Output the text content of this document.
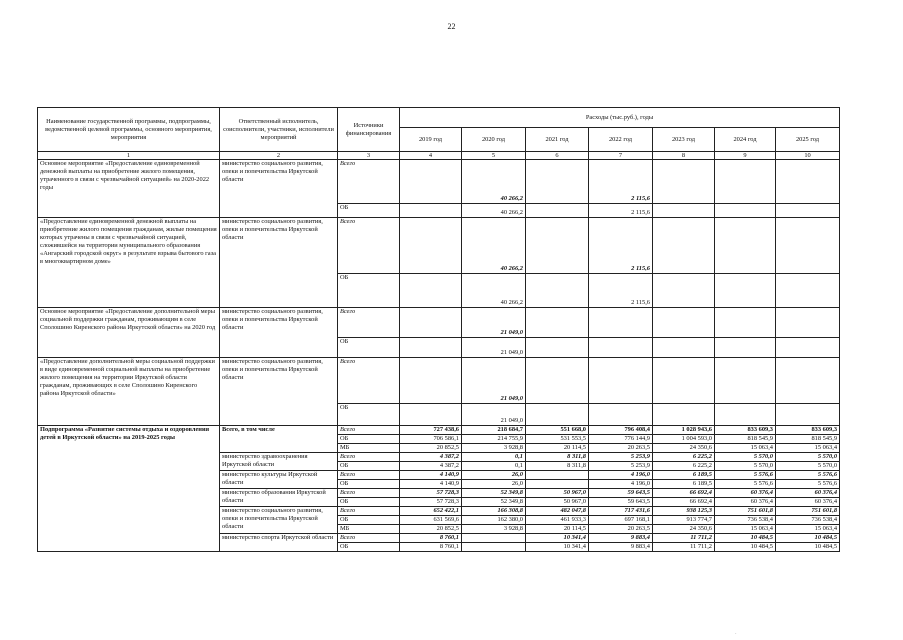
22
Наименование государственной программы, подпрограммы, ведомственной целевой программы, основного мероприятия, мероприятия	Ответственный исполнитель, соисполнители, участники, исполнители мероприятий	Источники финансирования	Расходы (тыс.руб.), годы						
			2019 год	2020 год	2021 год	2022 год	2023 год	2024 год	2025 год
1	2	3	4	5	6	7	8	9	10
Основное мероприятие «Предоставление единовременной денежной выплаты на приобретение жилого помещения, утраченного в связи с чрезвычайной ситуацией» на 2020-2022 годы	министерство социального развития, опеки и попечительства Иркутской области	Всего		40 266,2		2 115,6			
		ОБ		40 266,2		2 115,6			
«Предоставление единовременной денежной выплаты на приобретение жилого помещения гражданам, жилые помещения которых утрачены в связи с чрезвычайной ситуацией, сложившейся на территории муниципального образования «Ангарский городской округ» в результате взрыва бытового газа в многоквартирном доме»	министерство социального развития, опеки и попечительства Иркутской области	Всего		40 266,2		2 115,6			
		ОБ		40 266,2		2 115,6			
Основное мероприятие «Предоставление дополнительной меры социальной поддержки гражданам, проживающим в селе Сполошино Киренского района Иркутской области» на 2020 год	министерство социального развития, опеки и попечительства Иркутской области	Всего		21 049,0					
		ОБ		21 049,0					
«Предоставление дополнительной меры социальной поддержки в виде единовременной социальной выплаты на приобретение жилого помещения на территории Иркутской области гражданам, проживающих в селе Сполошино Киренского района Иркутской области»	министерство социального развития, опеки и попечительства Иркутской области	Всего		21 049,0					
		ОБ		21 049,0					
Подпрограмма «Развитие системы отдыха и оздоровления детей в Иркутской области» на 2019-2025 годы	Всего, в том числе	Всего	727 438,6	218 684,7	551 668,0	796 408,4	1 028 943,6	833 609,3	833 609,3
		ОБ	706 586,1	214 755,9	531 553,5	776 144,9	1 004 593,0	818 545,9	818 545,9
		МБ	20 852,5	3 928,8	20 114,5	20 263,5	24 350,6	15 063,4	15 063,4
	министерство здравоохранения Иркутской области	Всего	4 387,2	0,1	8 311,8	5 253,9	6 225,2	5 570,0	5 570,0
		ОБ	4 387,2	0,1	8 311,8	5 253,9	6 225,2	5 570,0	5 570,0
	министерство культуры Иркутской области	Всего	4 140,9	26,0		4 196,0	6 189,5	5 576,6	5 576,6
		ОБ	4 140,9	26,0		4 196,0	6 189,5	5 576,6	5 576,6
	министерство образования Иркутской области	Всего	57 728,3	52 349,8	50 967,0	59 643,5	66 692,4	60 376,4	60 376,4
		ОБ	57 728,3	52 349,8	50 967,0	59 643,5	66 692,4	60 376,4	60 376,4
	министерство социального развития, опеки и попечительства Иркутской области	Всего	652 422,1	166 308,8	482 047,8	717 431,6	938 125,3	751 601,8	751 601,8
		ОБ	631 569,6	162 380,0	461 933,3	697 168,1	913 774,7	736 538,4	736 538,4
		МБ	20 852,5	3 928,8	20 114,5	20 263,5	24 350,6	15 063,4	15 063,4
	министерство спорта Иркутской области	Всего	8 760,1		10 341,4	9 883,4	11 711,2	10 484,5	10 484,5
		ОБ	8 760,1		10 341,4	9 883,4	11 711,2	10 484,5	10 484,5
·
